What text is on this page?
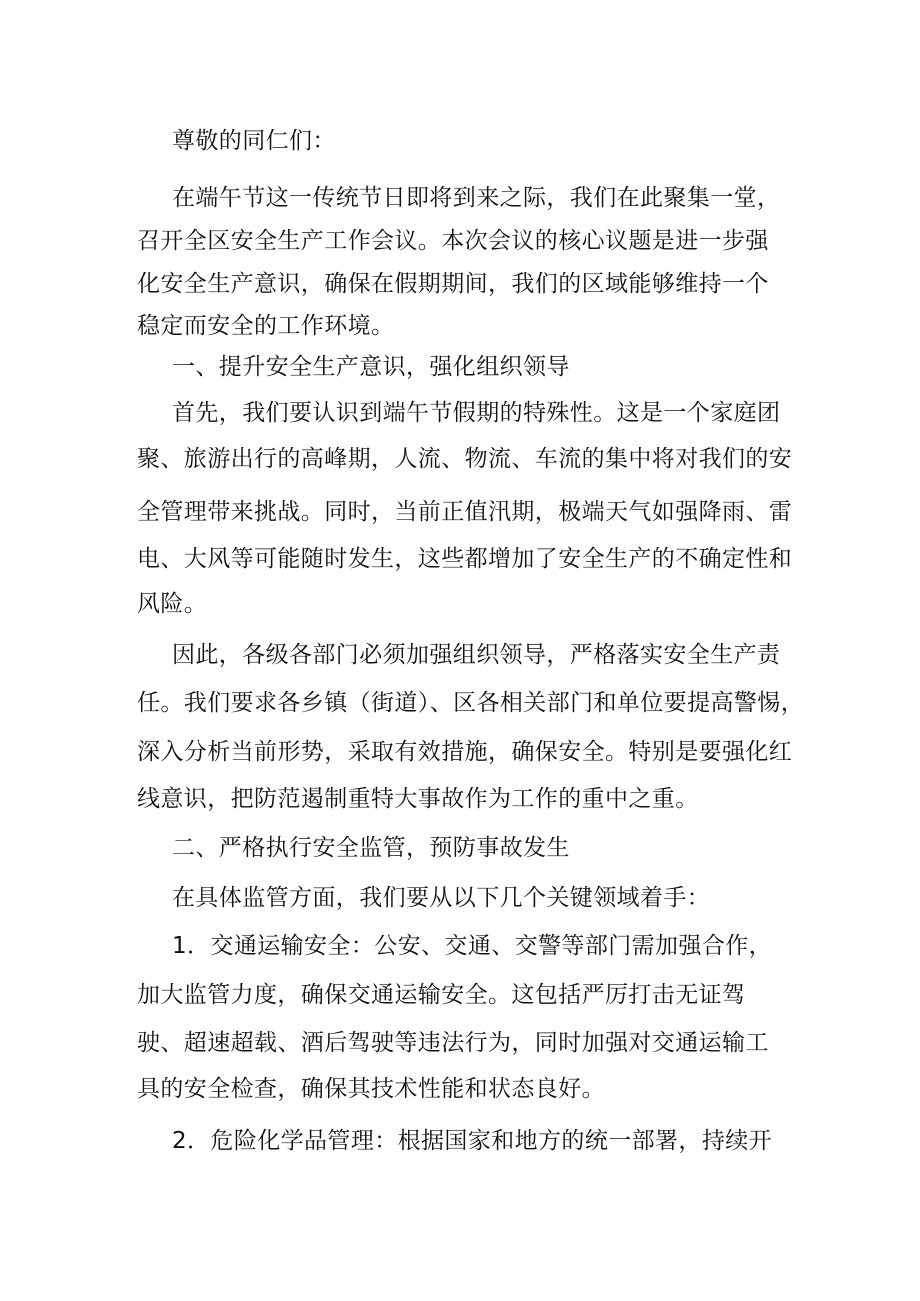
尊敬的同仁们：
在端午节这一传统节日即将到来之际，我们在此聚集一堂，
召开全区安全生产工作会议。本次会议的核心议题是进一步强
化安全生产意识，确保在假期期间，我们的区域能够维持一个
稳定而安全的工作环境。
一、提升安全生产意识，强化组织领导
首先，我们要认识到端午节假期的特殊性。这是一个家庭团
聚、旅游出行的高峰期，人流、物流、车流的集中将对我们的安
全管理带来挑战。同时，当前正值汛期，极端天气如强降雨、雷
电、大风等可能随时发生，这些都增加了安全生产的不确定性和
风险。
因此，各级各部门必须加强组织领导，严格落实安全生产责
任。我们要求各乡镇（街道）、区各相关部门和单位要提高警惕，
深入分析当前形势，采取有效措施，确保安全。特别是要强化红
线意识，把防范遏制重特大事故作为工作的重中之重。
二、严格执行安全监管，预防事故发生
在具体监管方面，我们要从以下几个关键领域着手：
1．交通运输安全：公安、交通、交警等部门需加强合作，
加大监管力度，确保交通运输安全。这包括严厉打击无证驾
驶、超速超载、酒后驾驶等违法行为，同时加强对交通运输工
具的安全检查，确保其技术性能和状态良好。
2．危险化学品管理：根据国家和地方的统一部署，持续开
